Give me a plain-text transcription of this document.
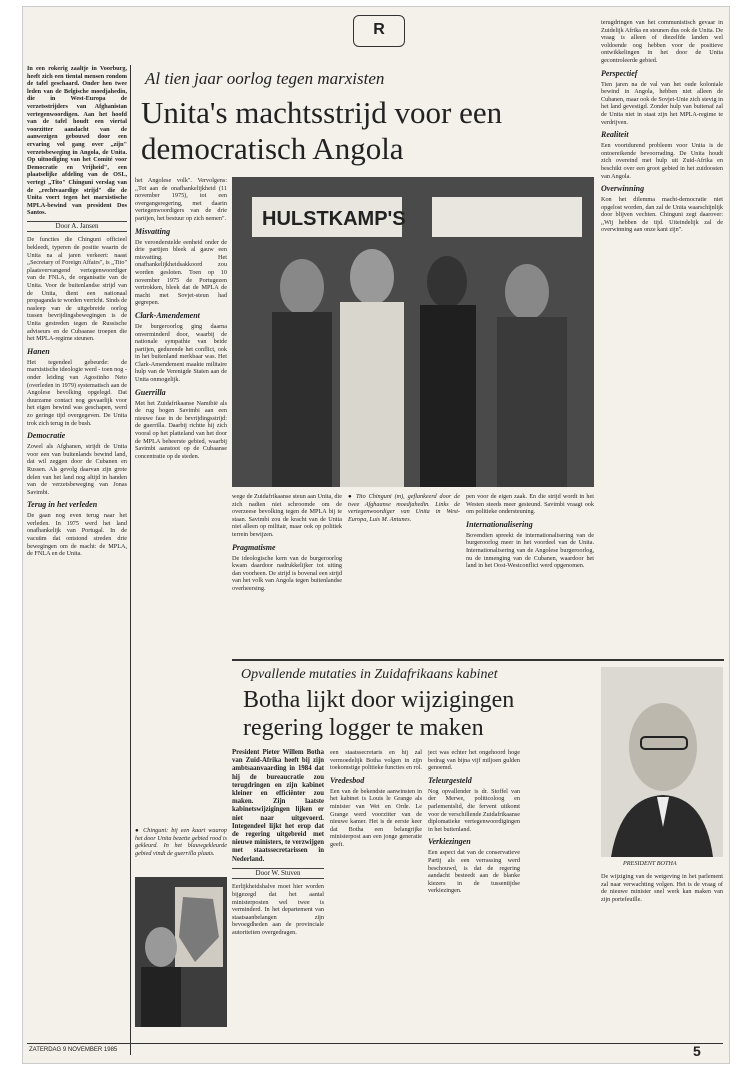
R

In een rokerig zaaltje in Voorburg, heeft zich een tiental mensen rondom de tafel geschaard. Onder hen twee leden van de Belgische moedjahedin, die in West-Europa de verzetsstrijders van Afghanistan vertegenwoordigen. Aan het hoofd van de tafel houdt een viertal voorzitter aandacht van de aanwezigen gebouwd door een ervaring vol gang over ,,zijn" verzetsbeweging in Angola, de Unita. Op uitnodiging van het Comité voor Democratie en Vrijheid", een plaatselijke afdeling van de OSL, vertegt ,,Tito" Chinguni verslag van de ,,rechtvaardige strijd" die de Unita voert tegen het marxistische MPLA-bewind van president Dos Santos.

Door A. Jansen

De functies die Chinguni officieel bekleedt, typeren de positie waarin de Unita na al jaren verkeert: naast ,,Secretary of Foreign Affairs", is ,,Tito" plaatsvervangend vertegenwoordiger van de FNLA, de organisatie van de Unita. Voor de buitenlandse strijd van de Unita, dient een nationaal propaganda te worden verricht. Sinds de nasleep van de uitgebreide oorlog tussen bevrijdingsbewegingen is de Unita gestreden tegen de Russische adviseurs en de Cubaanse troepen die het MPLA-regime steunen.

Hanen

Het tegendeel gebeurde: de marxistische ideologie werd - toen nog - onder leiding van Agostinho Neto (overleden in 1979) systematisch aan de Angolese bevolking opgelegd. Dat duurzame contact nog gevaarlijk voor het eigen bewind was geschapen, werd zo geringe tijd overgegeven. De Unita trok zich terug in de bush.

Democratie

Zowel als Afghanen, strijdt de Unita voor een van buitenlands bewind land, dat wil zeggen door de Cubanen en Russen. Als gevolg daarvan zijn grote delen van het land nog altijd in handen van de verzetsbeweging van Jonas Savimbi.

Terug in het verleden

De gaan nog even terug naar het verleden. In 1975 werd het land onafhankelijk van Portugal. In de vacuüm dat ontstond streden drie bewegingen om de macht: de MPLA, de FNLA en de Unita.

Al tien jaar oorlog tegen marxisten
Unita's machtsstrijd voor een
democratisch Angola

het Angolese volk". Vervolgens: ,,Tot aan de onafhankelijkheid (11 november 1975), tot een overgangsregering, met daarin vertegenwoordigers van de drie partijen, het bestuur op zich nemen".

Misvatting

De veronderstelde eenheid onder de drie partijen bleek al gauw een misvatting. Het onafhankelijkheidsakkoord zou worden gesloten. Toen op 10 november 1975 de Portugezen vertrokken, bleek dat de MPLA de macht met Sovjet-steun had gegrepen.

Clark-Amendement

De burgeroorlog ging daarna onverminderd door, waarbij de nationale sympathie van beide partijen, gedurende het conflict, ook in het buitenland merkbaar was. Het Clark-Amendement maakte militaire hulp van de Verenigde Staten aan de Unita onmogelijk.

Guerrilla

Met het Zuidafrikaanse Namibië als de rug bogen Savimbi aan een nieuwe fase in de bevrijdingsstrijd: de guerrilla. Daarbij richtte hij zich vooral op het platteland van het door de MPLA beheerste gebied, waarbij Savimbi aanstoot op de Cubaanse concentratie op de steden.

HULSTKAMP'S

wege de Zuidafrikaanse steun aan Unita, die zich nadien niet schroomde om de overzeese bevolking tegen de MPLA bij te staan. Savimbi zou de kracht van de Unita niet alleen op militair, maar ook op politiek terrein bewijzen.

Pragmatisme

De ideologische kern van de burgeroorlog kwam daardoor nadrukkelijker tot uiting dan voorheen. De strijd is bovenal een strijd van het volk van Angola tegen buitenlandse overheersing.

● Tito Chinguni (m), geflankeerd door de twee Afghaanse moedjahedin. Links de vertegenwoordiger van Unita in West-Europa, Luis M. Antunes.

pen voor de eigen zaak. En die strijd wordt in het Westen steeds meer gesteund. Savimbi vraagt ook om politieke ondersteuning.

Internationalisering

Bovendien spreekt de internationalisering van de burgeroorlog meer in het voordeel van de Unita. Internationalisering van de Angolese burgeroorlog, nu de inmenging van de Cubanen, waardoor het land in het Oost-Westconflict werd opgenomen.

terugdringen van het communistisch gevaar in Zuidelijk Afrika en steunen dus ook de Unita. De vraag is alleen of diezelfde landen wel voldoende oog hebben voor de positieve ontwikkelingen in het door de Unita gecontroleerde gebied.

Perspectief

Tien jaren na de val van het oude koloniale bewind in Angola, hebben niet alleen de Cubanen, maar ook de Sovjet-Unie zich stevig in het land gevestigd. Zonder hulp van buitenaf zal de Unita niet in staat zijn het MPLA-regime te verdrijven.

Realiteit

Een voortdurend probleem voor Unita is de ontoereikende bevoorrading. De Unita houdt zich overeind met hulp uit Zuid-Afrika en beschikt over een groot gebied in het zuidoosten van Angola.

Overwinning

Kon het dilemma macht-democratie niet opgelost worden, dan zal de Unita waarschijnlijk door blijven vechten. Chinguni zegt daarover: ,,Wij hebben de tijd. Uiteindelijk zal de overwinning aan onze kant zijn".

Opvallende mutaties in Zuidafrikaans kabinet
Botha lijkt door wijzigingen
regering logger te maken

President Pieter Willem Botha van Zuid-Afrika heeft bij zijn ambtsaanvaarding in 1984 dat hij de bureaucratie zou terugdringen en zijn kabinet kleiner en efficiënter zou maken. Zijn laatste kabinetswijzigingen lijken er niet naar uitgevoerd. Integendeel lijkt het erop dat de regering uitgebreid met nieuwe ministers, te verzwijgen met staatssecretarissen in Nederland.

Door W. Stuven

Eerlijkheidshalve moet hier worden bijgezegd dat het aantal ministerposten wel twee is verminderd. In het departement van staatsaanbelangen zijn bevoegdheden aan de provinciale autoriteiten overgedragen.

een staatssecretaris en hij zal vermoedelijk Botha volgen in zijn toekomstige politieke functies en rol.

Vredesbod

Een van de bekendste aanwinsten in het kabinet is Louis le Grange als minister van Wet en Orde. Le Grange werd voorzitter van de nieuwe kamer. Het is de eerste keer dat Botha een belangrijke ministerpost aan een jonge generatie geeft.

ject was echter het ongehoord hoge bedrag van bijna vijf miljoen gulden genoemd.

Teleurgesteld

Nog opvallender is dr. Stoffel van der Merwe, politicoloog en parlementslid, die fervent uitkomt voor de verschillende Zuidafrikaanse diplomatieke vertegenwoordigingen in het buitenland.

Verkiezingen

Een aspect dat van de conservatieve Partij als een verrassing werd beschouwd, is dat de regering aandacht besteedt aan de blanke kiezers in de tussentijdse verkiezingen.

PRESIDENT BOTHA

De wijziging van de wetgeving in het parlement zal naar verwachting volgen. Het is de vraag of de nieuwe minister snel werk kan maken van zijn portefeuille.

● Chinguni: bij een kaart waarop het door Unita bezette gebied rood is gekleurd. In het blauwgekleurde gebied vindt de guerrilla plaats.

ZATERDAG 9 NOVEMBER 1985	5
